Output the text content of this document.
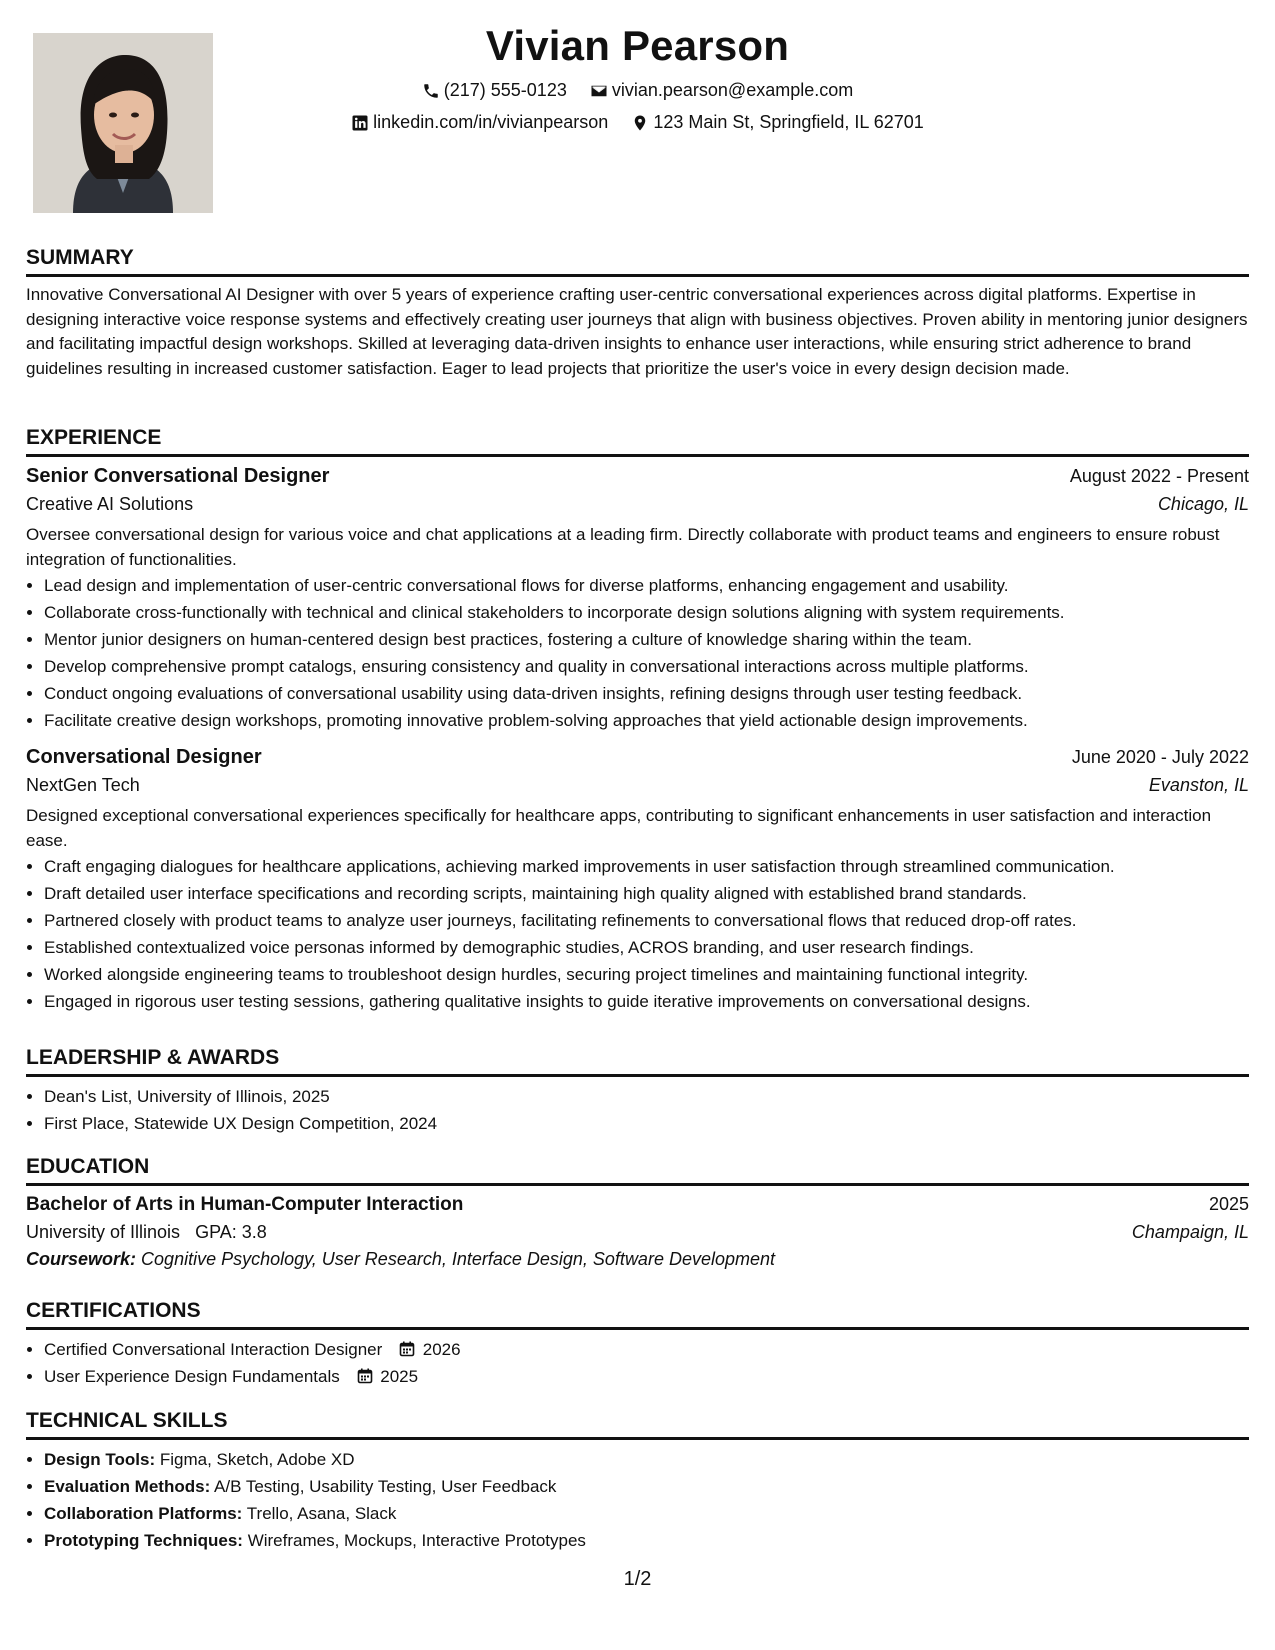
Vivian Pearson
(217) 555-0123
	vivian.pearson@example.com
linkedin.com/in/vivianpearson
	123 Main St, Springfield, IL 62701
SUMMARY
Innovative Conversational AI Designer with over 5 years of experience crafting user-centric conversational experiences across digital platforms. Expertise in designing interactive voice response systems and effectively creating user journeys that align with business objectives. Proven ability in mentoring junior designers and facilitating impactful design workshops. Skilled at leveraging data-driven insights to enhance user interactions, while ensuring strict adherence to brand guidelines resulting in increased customer satisfaction. Eager to lead projects that prioritize the user's voice in every design decision made.
EXPERIENCE
Senior Conversational Designer	August 2022 - Present
Creative AI Solutions	Chicago, IL
Oversee conversational design for various voice and chat applications at a leading firm. Directly collaborate with product teams and engineers to ensure robust integration of functionalities.
• Lead design and implementation of user-centric conversational flows for diverse platforms, enhancing engagement and usability.
• Collaborate cross-functionally with technical and clinical stakeholders to incorporate design solutions aligning with system requirements.
• Mentor junior designers on human-centered design best practices, fostering a culture of knowledge sharing within the team.
• Develop comprehensive prompt catalogs, ensuring consistency and quality in conversational interactions across multiple platforms.
• Conduct ongoing evaluations of conversational usability using data-driven insights, refining designs through user testing feedback.
• Facilitate creative design workshops, promoting innovative problem-solving approaches that yield actionable design improvements.
Conversational Designer	June 2020 - July 2022
NextGen Tech	Evanston, IL
Designed exceptional conversational experiences specifically for healthcare apps, contributing to significant enhancements in user satisfaction and interaction ease.
• Craft engaging dialogues for healthcare applications, achieving marked improvements in user satisfaction through streamlined communication.
• Draft detailed user interface specifications and recording scripts, maintaining high quality aligned with established brand standards.
• Partnered closely with product teams to analyze user journeys, facilitating refinements to conversational flows that reduced drop-off rates.
• Established contextualized voice personas informed by demographic studies, ACROS branding, and user research findings.
• Worked alongside engineering teams to troubleshoot design hurdles, securing project timelines and maintaining functional integrity.
• Engaged in rigorous user testing sessions, gathering qualitative insights to guide iterative improvements on conversational designs.
LEADERSHIP & AWARDS
• Dean's List, University of Illinois, 2025
• First Place, Statewide UX Design Competition, 2024
EDUCATION
Bachelor of Arts in Human-Computer Interaction	2025
University of Illinois GPA: 3.8	Champaign, IL
Coursework: Cognitive Psychology, User Research, Interface Design, Software Development
CERTIFICATIONS
• Certified Conversational Interaction Designer 2026
• User Experience Design Fundamentals 2025
TECHNICAL SKILLS
• Design Tools: Figma, Sketch, Adobe XD
• Evaluation Methods: A/B Testing, Usability Testing, User Feedback
• Collaboration Platforms: Trello, Asana, Slack
• Prototyping Techniques: Wireframes, Mockups, Interactive Prototypes
1/2
